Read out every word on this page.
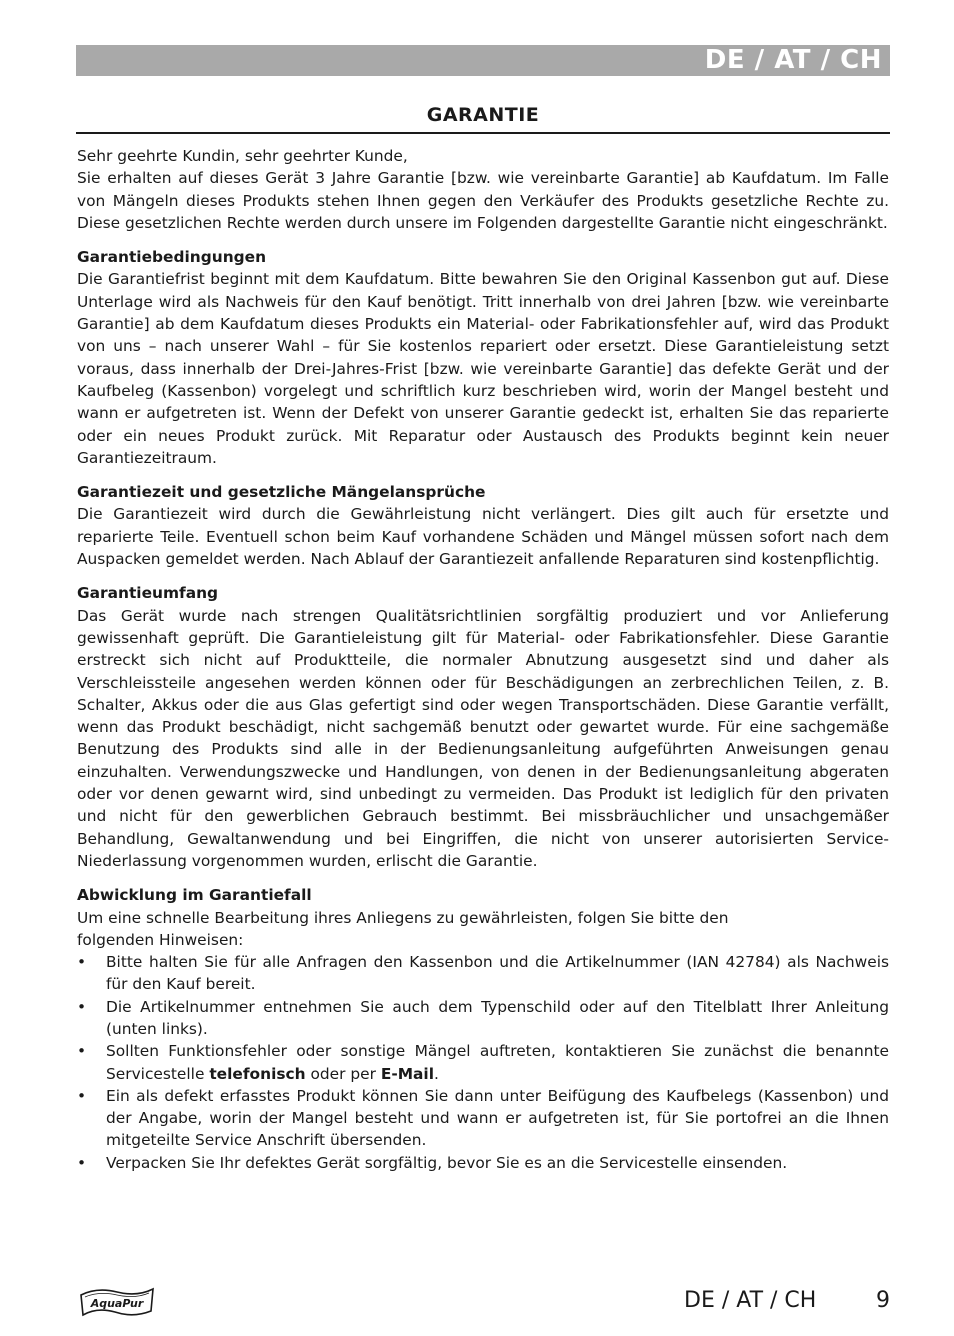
DE / AT / CH
GARANTIE

Sehr geehrte Kundin, sehr geehrter Kunde,

Sie erhalten auf dieses Gerät 3 Jahre Garantie [bzw. wie vereinbarte Garantie] ab Kaufdatum. Im Falle von Mängeln dieses Produkts stehen Ihnen gegen den Verkäufer des Produkts gesetzliche Rechte zu. Diese gesetzlichen Rechte werden durch unsere im Folgenden dargestellte Garantie nicht eingeschränkt.

Garantiebedingungen

Die Garantiefrist beginnt mit dem Kaufdatum. Bitte bewahren Sie den Original Kassenbon gut auf. Diese Unterlage wird als Nachweis für den Kauf benötigt. Tritt innerhalb von drei Jahren [bzw. wie vereinbarte Garantie] ab dem Kaufdatum dieses Produkts ein Material- oder Fabrikationsfehler auf, wird das Produkt von uns – nach unserer Wahl – für Sie kostenlos repariert oder ersetzt. Diese Garantieleistung setzt voraus, dass innerhalb der Drei-Jahres-Frist [bzw. wie vereinbarte Garantie] das defekte Gerät und der Kaufbeleg (Kassenbon) vorgelegt und schriftlich kurz beschrieben wird, worin der Mangel besteht und wann er aufgetreten ist. Wenn der Defekt von unserer Garantie gedeckt ist, erhalten Sie das reparierte oder ein neues Produkt zurück. Mit Reparatur oder Austausch des Produkts beginnt kein neuer Garantiezeitraum.

Garantiezeit und gesetzliche Mängelansprüche

Die Garantiezeit wird durch die Gewährleistung nicht verlängert. Dies gilt auch für ersetzte und reparierte Teile. Eventuell schon beim Kauf vorhandene Schäden und Mängel müssen sofort nach dem Auspacken gemeldet werden. Nach Ablauf der Garantiezeit anfallende Reparaturen sind kostenpflichtig.

Garantieumfang

Das Gerät wurde nach strengen Qualitätsrichtlinien sorgfältig produziert und vor Anlieferung gewissenhaft geprüft. Die Garantieleistung gilt für Material- oder Fabrikationsfehler. Diese Garantie erstreckt sich nicht auf Produktteile, die normaler Abnutzung ausgesetzt sind und daher als Verschleissteile angesehen werden können oder für Beschädigungen an zerbrechlichen Teilen, z. B. Schalter, Akkus oder die aus Glas gefertigt sind oder wegen Transportschäden. Diese Garantie verfällt, wenn das Produkt beschädigt, nicht sachgemäß benutzt oder gewartet wurde. Für eine sachgemäße Benutzung des Produkts sind alle in der Bedienungsanleitung aufgeführten Anweisungen genau einzuhalten. Verwendungszwecke und Handlungen, von denen in der Bedienungsanleitung abgeraten oder vor denen gewarnt wird, sind unbedingt zu vermeiden. Das Produkt ist lediglich für den privaten und nicht für den gewerblichen Gebrauch bestimmt. Bei missbräuchlicher und unsachgemäßer Behandlung, Gewaltanwendung und bei Eingriffen, die nicht von unserer autorisierten Service-Niederlassung vorgenommen wurden, erlischt die Garantie.

Abwicklung im Garantiefall

Um eine schnelle Bearbeitung ihres Anliegens zu gewährleisten, folgen Sie bitte den

folgenden Hinweisen:

• Bitte halten Sie für alle Anfragen den Kassenbon und die Artikelnummer (IAN 42784) als Nachweis für den Kauf bereit.
• Die Artikelnummer entnehmen Sie auch dem Typenschild oder auf den Titelblatt Ihrer Anleitung (unten links).
• Sollten Funktionsfehler oder sonstige Mängel auftreten, kontaktieren Sie zunächst die benannte Servicestelle telefonisch oder per E-Mail.
• Ein als defekt erfasstes Produkt können Sie dann unter Beifügung des Kaufbelegs (Kassenbon) und der Angabe, worin der Mangel besteht und wann er aufgetreten ist, für Sie portofrei an die Ihnen mitgeteilte Service Anschrift übersenden.
• Verpacken Sie Ihr defektes Gerät sorgfältig, bevor Sie es an die Servicestelle einsenden.
AquaPur	DE / AT / CH	9
